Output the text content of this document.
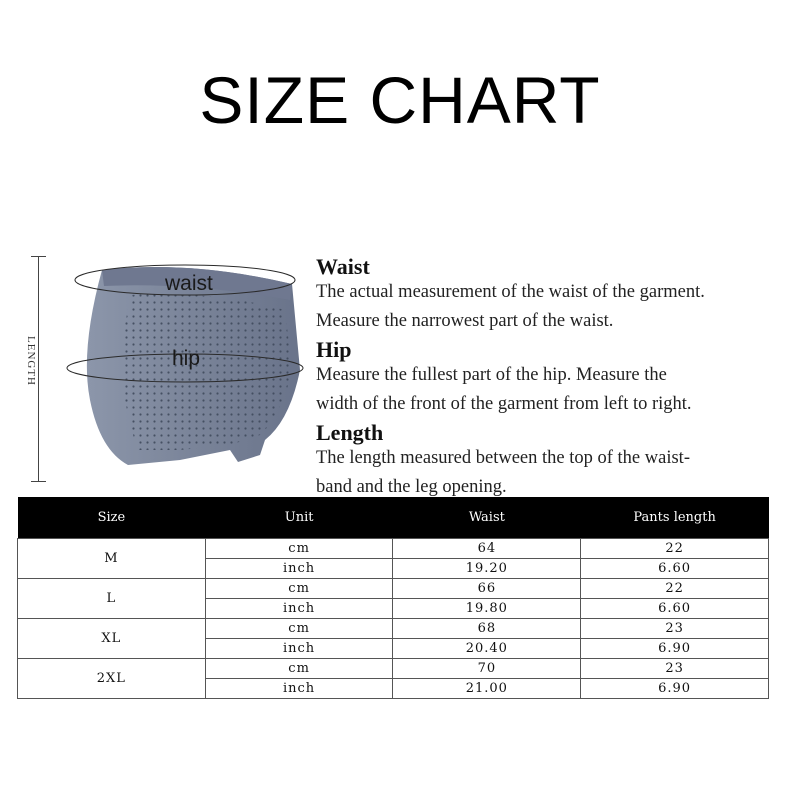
SIZE CHART
LENGTH
waist
hip
Waist

The actual measurement of the waist of the garment.

Measure the narrowest part of the waist.

Hip

Measure the fullest part of the hip. Measure the

width of the front of the garment from left to right.

Length

The length measured between the top of the waist-

band and the leg opening.

Size	Unit	Waist	Pants length
M	cm	64	22
	inch	19.20	6.60
L	cm	66	22
	inch	19.80	6.60
XL	cm	68	23
	inch	20.40	6.90
2XL	cm	70	23
	inch	21.00	6.90
